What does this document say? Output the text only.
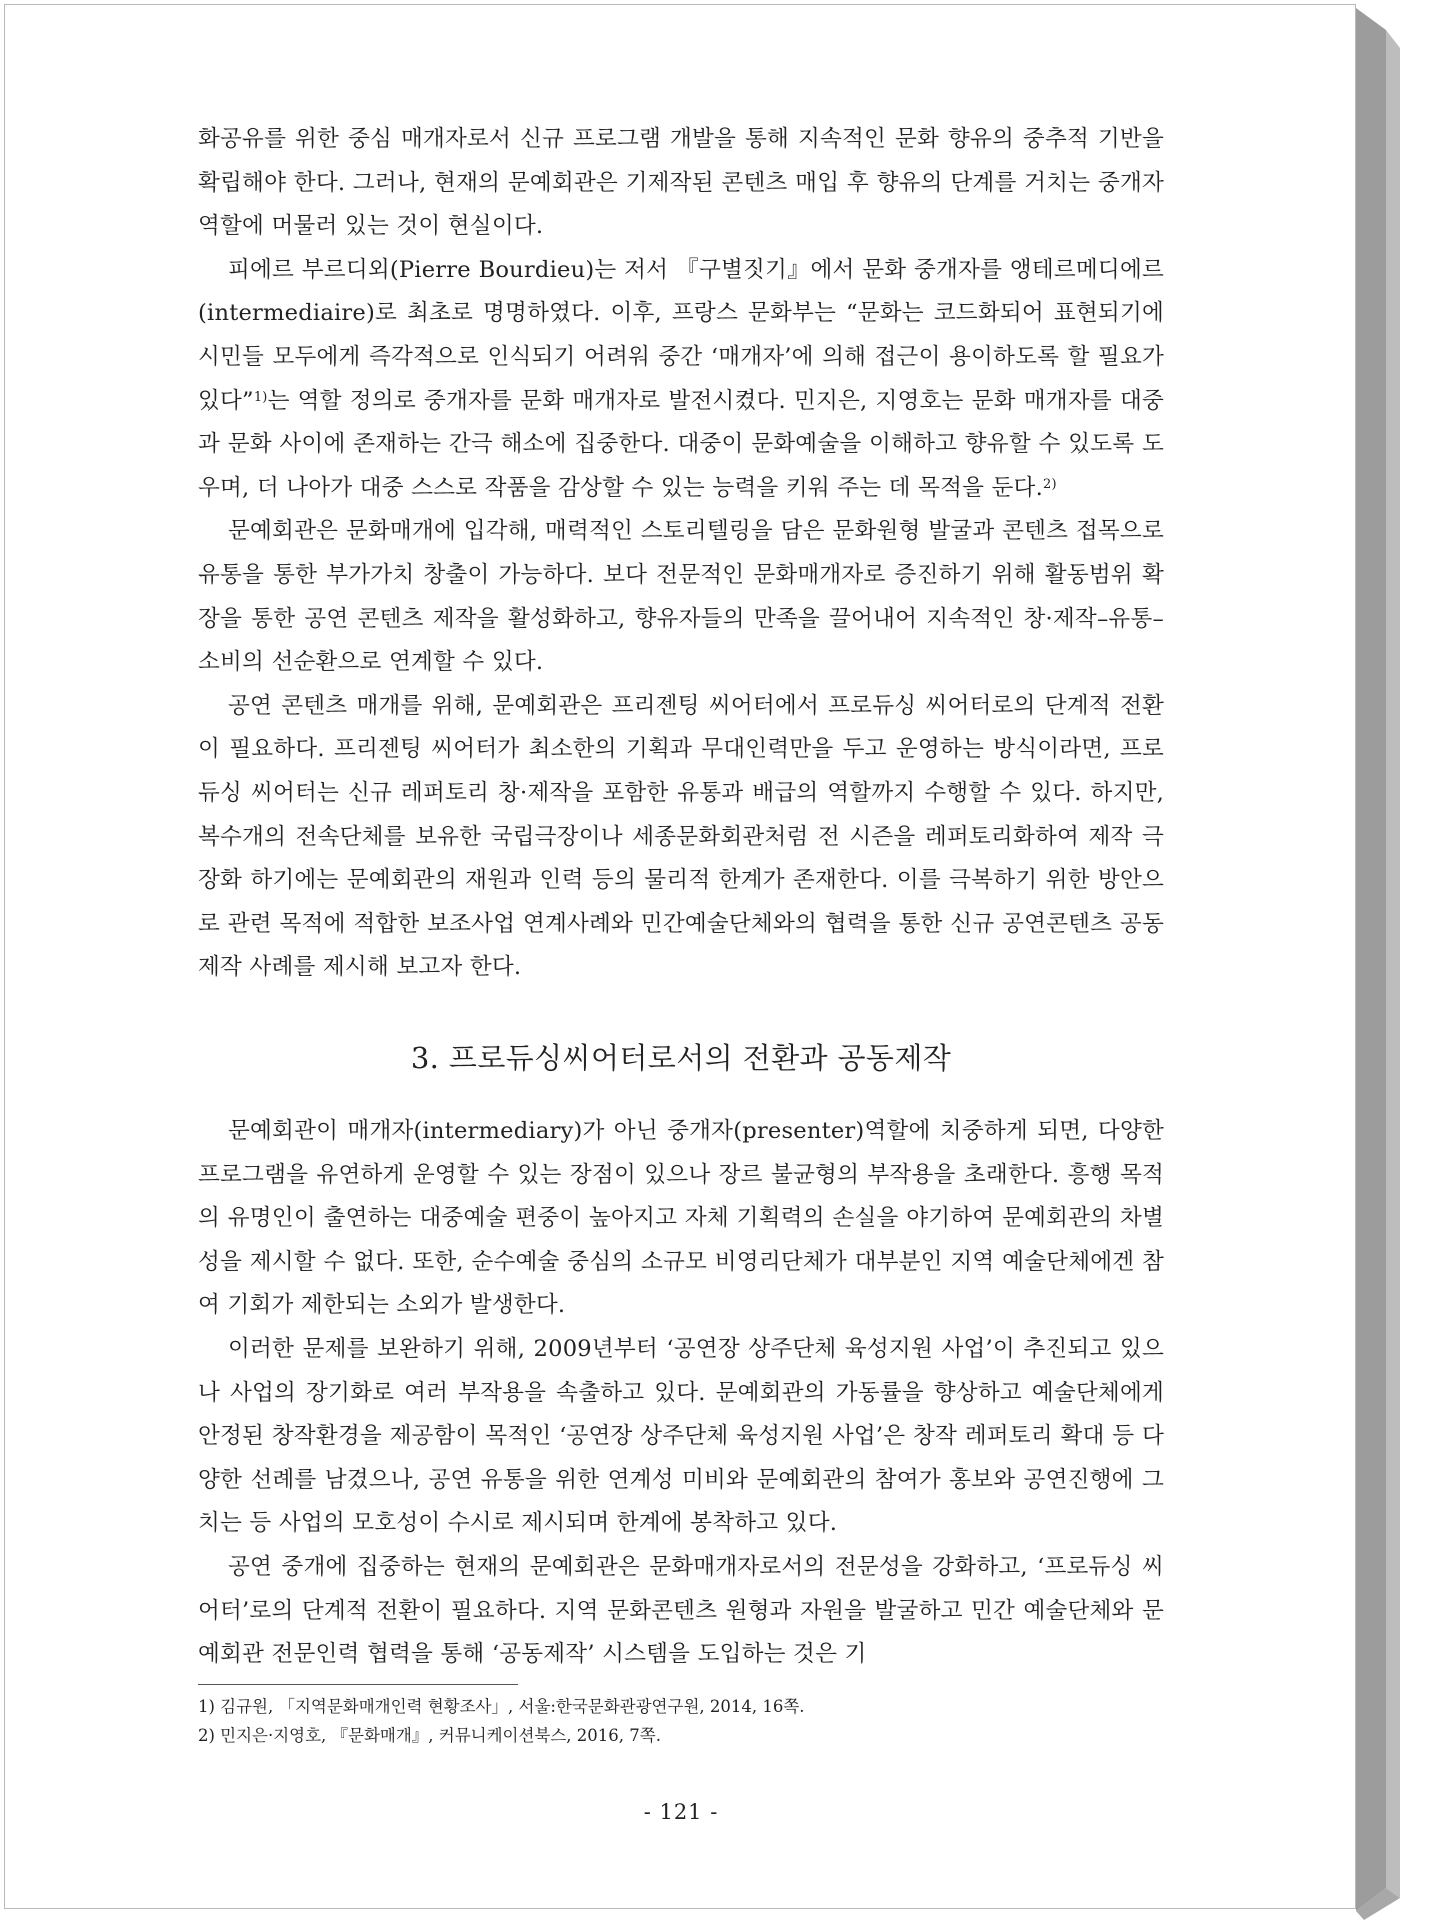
화공유를 위한 중심 매개자로서 신규 프로그램 개발을 통해 지속적인 문화 향유의 중추적 기반을 확립해야 한다. 그러나, 현재의 문예회관은 기제작된 콘텐츠 매입 후 향유의 단계를 거치는 중개자 역할에 머물러 있는 것이 현실이다.

피에르 부르디외(Pierre Bourdieu)는 저서 『구별짓기』에서 문화 중개자를 앵테르메디에르(intermediaire)로 최초로 명명하였다. 이후, 프랑스 문화부는 “문화는 코드화되어 표현되기에 시민들 모두에게 즉각적으로 인식되기 어려워 중간 ‘매개자’에 의해 접근이 용이하도록 할 필요가 있다”$^{1)}$는 역할 정의로 중개자를 문화 매개자로 발전시켰다. 민지은, 지영호는 문화 매개자를 대중과 문화 사이에 존재하는 간극 해소에 집중한다. 대중이 문화예술을 이해하고 향유할 수 있도록 도우며, 더 나아가 대중 스스로 작품을 감상할 수 있는 능력을 키워 주는 데 목적을 둔다.$^{2)}$

문예회관은 문화매개에 입각해, 매력적인 스토리텔링을 담은 문화원형 발굴과 콘텐츠 접목으로 유통을 통한 부가가치 창출이 가능하다. 보다 전문적인 문화매개자로 증진하기 위해 활동범위 확장을 통한 공연 콘텐츠 제작을 활성화하고, 향유자들의 만족을 끌어내어 지속적인 창·제작–유통–소비의 선순환으로 연계할 수 있다.

공연 콘텐츠 매개를 위해, 문예회관은 프리젠팅 씨어터에서 프로듀싱 씨어터로의 단계적 전환이 필요하다. 프리젠팅 씨어터가 최소한의 기획과 무대인력만을 두고 운영하는 방식이라면, 프로듀싱 씨어터는 신규 레퍼토리 창·제작을 포함한 유통과 배급의 역할까지 수행할 수 있다. 하지만, 복수개의 전속단체를 보유한 국립극장이나 세종문화회관처럼 전 시즌을 레퍼토리화하여 제작 극장화 하기에는 문예회관의 재원과 인력 등의 물리적 한계가 존재한다. 이를 극복하기 위한 방안으로 관련 목적에 적합한 보조사업 연계사례와 민간예술단체와의 협력을 통한 신규 공연콘텐츠 공동제작 사례를 제시해 보고자 한다.

3. 프로듀싱씨어터로서의 전환과 공동제작

문예회관이 매개자(intermediary)가 아닌 중개자(presenter)역할에 치중하게 되면, 다양한 프로그램을 유연하게 운영할 수 있는 장점이 있으나 장르 불균형의 부작용을 초래한다. 흥행 목적의 유명인이 출연하는 대중예술 편중이 높아지고 자체 기획력의 손실을 야기하여 문예회관의 차별성을 제시할 수 없다. 또한, 순수예술 중심의 소규모 비영리단체가 대부분인 지역 예술단체에겐 참여 기회가 제한되는 소외가 발생한다.

이러한 문제를 보완하기 위해, 2009년부터 ‘공연장 상주단체 육성지원 사업’이 추진되고 있으나 사업의 장기화로 여러 부작용을 속출하고 있다. 문예회관의 가동률을 향상하고 예술단체에게 안정된 창작환경을 제공함이 목적인 ‘공연장 상주단체 육성지원 사업’은 창작 레퍼토리 확대 등 다양한 선례를 남겼으나, 공연 유통을 위한 연계성 미비와 문예회관의 참여가 홍보와 공연진행에 그치는 등 사업의 모호성이 수시로 제시되며 한계에 봉착하고 있다.

공연 중개에 집중하는 현재의 문예회관은 문화매개자로서의 전문성을 강화하고, ‘프로듀싱 씨어터’로의 단계적 전환이 필요하다. 지역 문화콘텐츠 원형과 자원을 발굴하고 민간 예술단체와 문예회관 전문인력 협력을 통해 ‘공동제작’ 시스템을 도입하는 것은 기

1) 김규원, 「지역문화매개인력 현황조사」, 서울:한국문화관광연구원, 2014, 16쪽.
2) 민지은·지영호, 『문화매개』, 커뮤니케이션북스, 2016, 7쪽.
- 121 -
